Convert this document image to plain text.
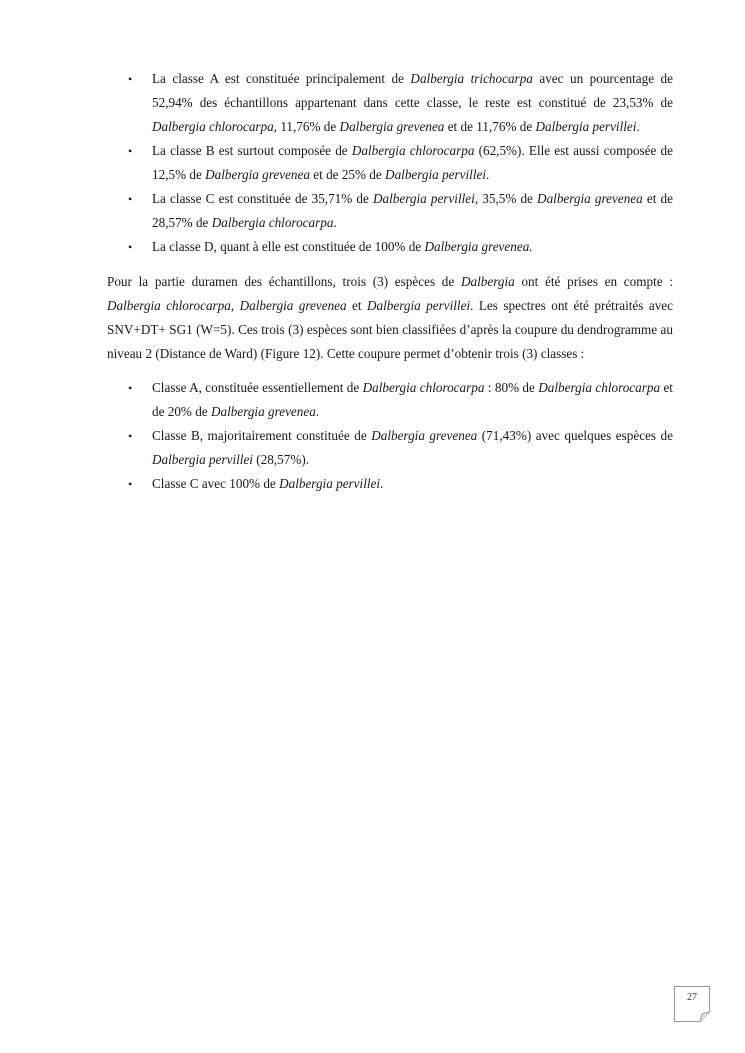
• La classe A est constituée principalement de Dalbergia trichocarpa avec un pourcentage de 52,94% des échantillons appartenant dans cette classe, le reste est constitué de 23,53% de Dalbergia chlorocarpa, 11,76% de Dalbergia grevenea et de 11,76% de Dalbergia pervillei.
• La classe B est surtout composée de Dalbergia chlorocarpa (62,5%). Elle est aussi composée de 12,5% de Dalbergia grevenea et de 25% de Dalbergia pervillei.
• La classe C est constituée de 35,71% de Dalbergia pervillei, 35,5% de Dalbergia grevenea et de 28,57% de Dalbergia chlorocarpa.
• La classe D, quant à elle est constituée de 100% de Dalbergia grevenea.

Pour la partie duramen des échantillons, trois (3) espèces de Dalbergia ont été prises en compte : Dalbergia chlorocarpa, Dalbergia grevenea et Dalbergia pervillei. Les spectres ont été prétraités avec SNV+DT+ SG1 (W=5). Ces trois (3) espèces sont bien classifiées d’après la coupure du dendrogramme au niveau 2 (Distance de Ward) (Figure 12). Cette coupure permet d’obtenir trois (3) classes :

• Classe A, constituée essentiellement de Dalbergia chlorocarpa : 80% de Dalbergia chlorocarpa et de 20% de Dalbergia grevenea.
• Classe B, majoritairement constituée de Dalbergia grevenea (71,43%) avec quelques espèces de Dalbergia pervillei (28,57%).
• Classe C avec 100% de Dalbergia pervillei.
27
